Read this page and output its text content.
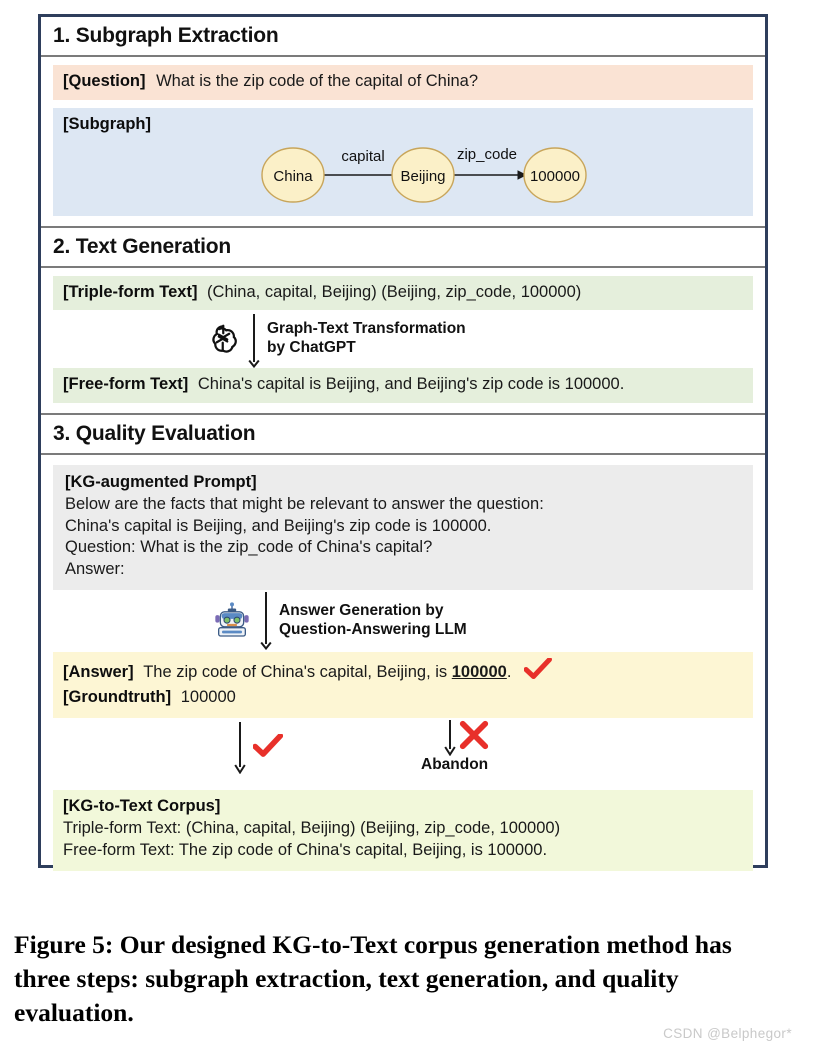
1. Subgraph Extraction
[Question] What is the zip code of the capital of China?
[Subgraph]
China	Beijing	100000
capital	zip_code
2. Text Generation
[Triple-form Text] (China, capital, Beijing) (Beijing, zip_code, 100000)
Graph-Text Transformation
by ChatGPT
[Free-form Text] China's capital is Beijing, and Beijing's zip code is 100000.
3. Quality Evaluation
[KG-augmented Prompt]
Below are the facts that might be relevant to answer the question:
China's capital is Beijing, and Beijing's zip code is 100000.
Question: What is the zip_code of China's capital?
Answer:
Answer Generation by
Question-Answering LLM
[Answer] The zip code of China's capital, Beijing, is 100000.
[Groundtruth] 100000
Abandon
[KG-to-Text Corpus]
Triple-form Text: (China, capital, Beijing) (Beijing, zip_code, 100000)
Free-form Text: The zip code of China's capital, Beijing, is 100000.
Figure 5: Our designed KG-to-Text corpus generation method has three steps: subgraph extraction, text generation, and quality evaluation.
CSDN @Belphegor*
